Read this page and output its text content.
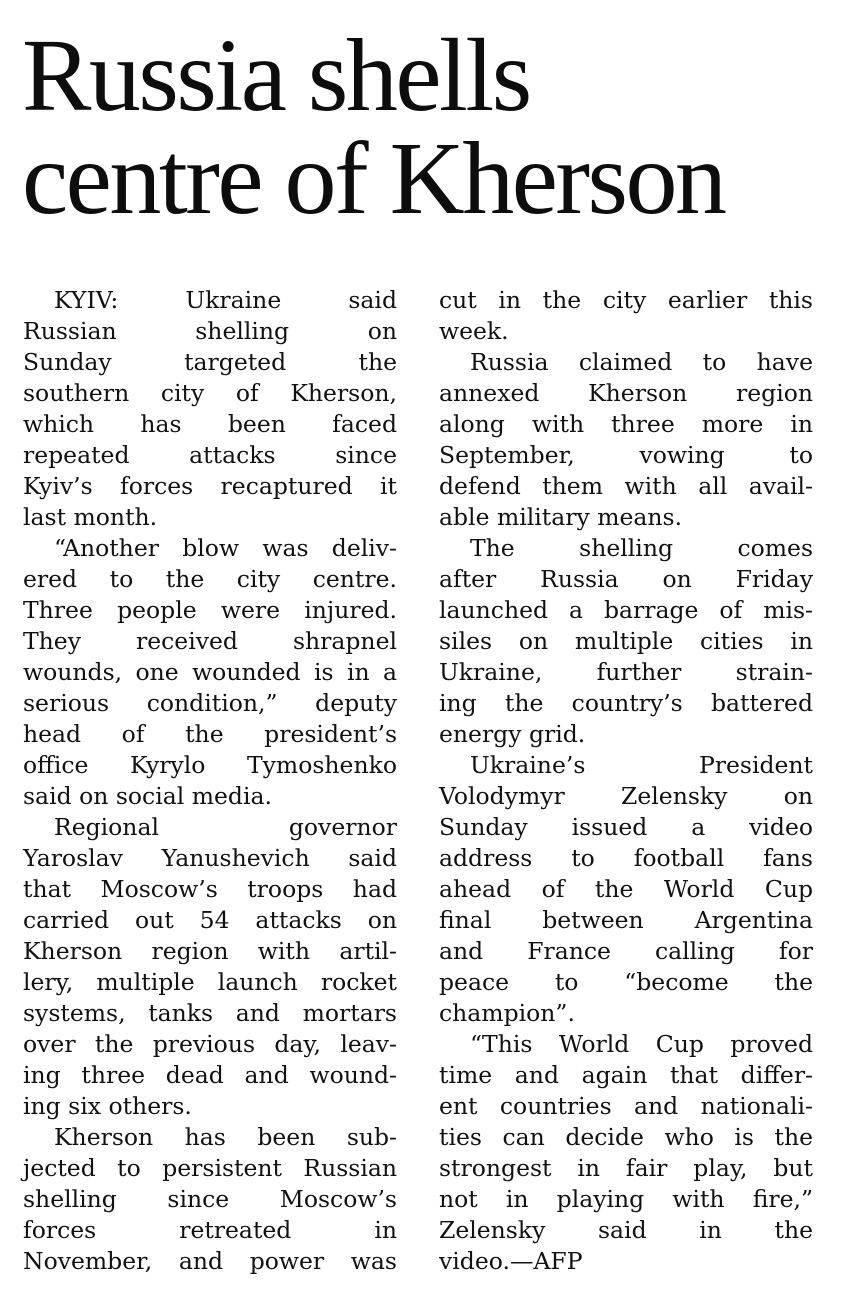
Russia shells
centre of Kherson
KYIV: Ukraine said
Russian shelling on
Sunday targeted the
southern city of Kherson,
which has been faced
repeated attacks since
Kyiv’s forces recaptured it
last month.
“Another blow was deliv-
ered to the city centre.
Three people were injured.
They received shrapnel
wounds, one wounded is in a
serious condition,” deputy
head of the president’s
office Kyrylo Tymoshenko
said on social media.
Regional governor
Yaroslav Yanushevich said
that Moscow’s troops had
carried out 54 attacks on
Kherson region with artil-
lery, multiple launch rocket
systems, tanks and mortars
over the previous day, leav-
ing three dead and wound-
ing six others.
Kherson has been sub-
jected to persistent Russian
shelling since Moscow’s
forces retreated in
November, and power was
cut in the city earlier this
week.
Russia claimed to have
annexed Kherson region
along with three more in
September, vowing to
defend them with all avail-
able military means.
The shelling comes
after Russia on Friday
launched a barrage of mis-
siles on multiple cities in
Ukraine, further strain-
ing the country’s battered
energy grid.
Ukraine’s President
Volodymyr Zelensky on
Sunday issued a video
address to football fans
ahead of the World Cup
final between Argentina
and France calling for
peace to “become the
champion”.
“This World Cup proved
time and again that differ-
ent countries and nationali-
ties can decide who is the
strongest in fair play, but
not in playing with fire,”
Zelensky said in the
video.—AFP
